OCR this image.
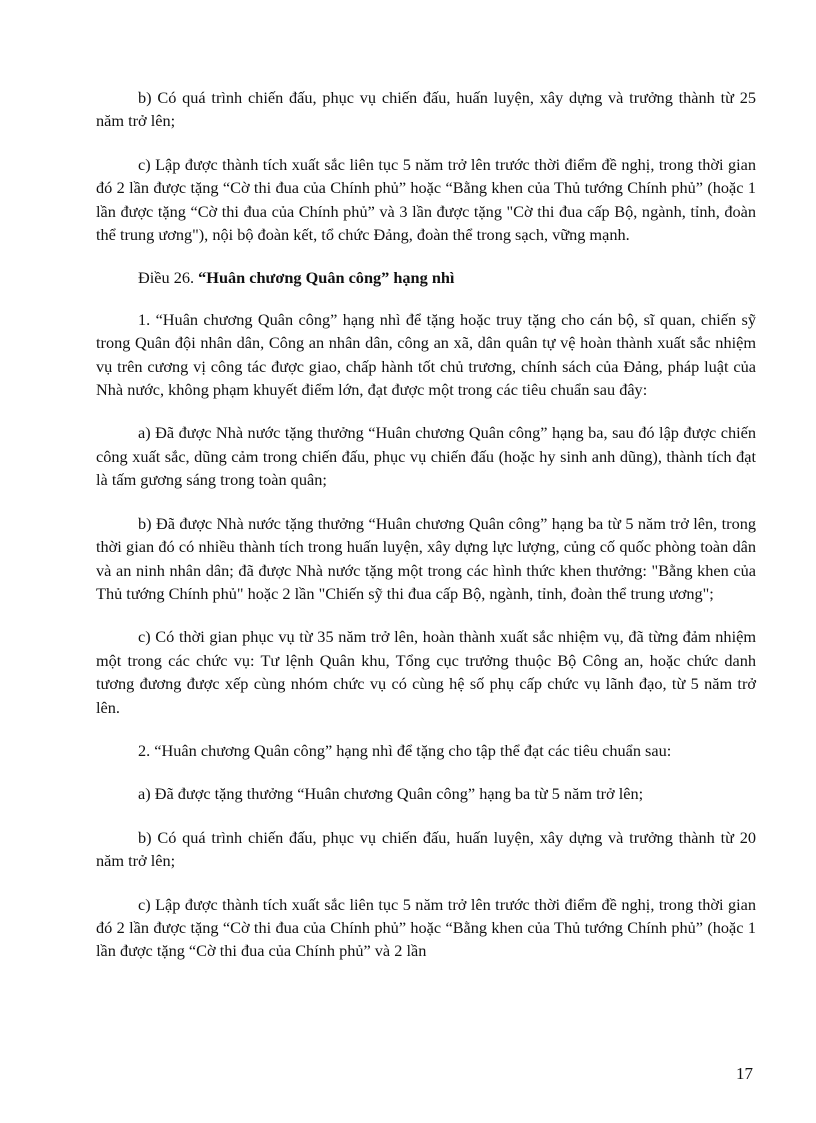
b) Có quá trình chiến đấu, phục vụ chiến đấu, huấn luyện, xây dựng và trưởng thành từ 25 năm trở lên;

c) Lập được thành tích xuất sắc liên tục 5 năm trở lên trước thời điểm đề nghị, trong thời gian đó 2 lần được tặng “Cờ thi đua của Chính phủ” hoặc “Bằng khen của Thủ tướng Chính phủ” (hoặc 1 lần được tặng “Cờ thi đua của Chính phủ” và 3 lần được tặng "Cờ thi đua cấp Bộ, ngành, tỉnh, đoàn thể trung ương"), nội bộ đoàn kết, tổ chức Đảng, đoàn thể trong sạch, vững mạnh.

Điều 26. “Huân chương Quân công” hạng nhì

1. “Huân chương Quân công” hạng nhì để tặng hoặc truy tặng cho cán bộ, sĩ quan, chiến sỹ trong Quân đội nhân dân, Công an nhân dân, công an xã, dân quân tự vệ hoàn thành xuất sắc nhiệm vụ trên cương vị công tác được giao, chấp hành tốt chủ trương, chính sách của Đảng, pháp luật của Nhà nước, không phạm khuyết điểm lớn, đạt được một trong các tiêu chuẩn sau đây:

a) Đã được Nhà nước tặng thưởng “Huân chương Quân công” hạng ba, sau đó lập được chiến công xuất sắc, dũng cảm trong chiến đấu, phục vụ chiến đấu (hoặc hy sinh anh dũng), thành tích đạt là tấm gương sáng trong toàn quân;

b) Đã được Nhà nước tặng thưởng “Huân chương Quân công” hạng ba từ 5 năm trở lên, trong thời gian đó có nhiều thành tích trong huấn luyện, xây dựng lực lượng, củng cố quốc phòng toàn dân và an ninh nhân dân; đã được Nhà nước tặng một trong các hình thức khen thưởng: "Bằng khen của Thủ tướng Chính phủ" hoặc 2 lần "Chiến sỹ thi đua cấp Bộ, ngành, tỉnh, đoàn thể trung ương";

c) Có thời gian phục vụ từ 35 năm trở lên, hoàn thành xuất sắc nhiệm vụ, đã từng đảm nhiệm một trong các chức vụ: Tư lệnh Quân khu, Tổng cục trưởng thuộc Bộ Công an, hoặc chức danh tương đương được xếp cùng nhóm chức vụ có cùng hệ số phụ cấp chức vụ lãnh đạo, từ 5 năm trở lên.

2. “Huân chương Quân công” hạng nhì để tặng cho tập thể đạt các tiêu chuẩn sau:

a) Đã được tặng thưởng “Huân chương Quân công” hạng ba từ 5 năm trở lên;

b) Có quá trình chiến đấu, phục vụ chiến đấu, huấn luyện, xây dựng và trưởng thành từ 20 năm trở lên;

c) Lập được thành tích xuất sắc liên tục 5 năm trở lên trước thời điểm đề nghị, trong thời gian đó 2 lần được tặng “Cờ thi đua của Chính phủ” hoặc “Bằng khen của Thủ tướng Chính phủ” (hoặc 1 lần được tặng “Cờ thi đua của Chính phủ” và 2 lần

17
